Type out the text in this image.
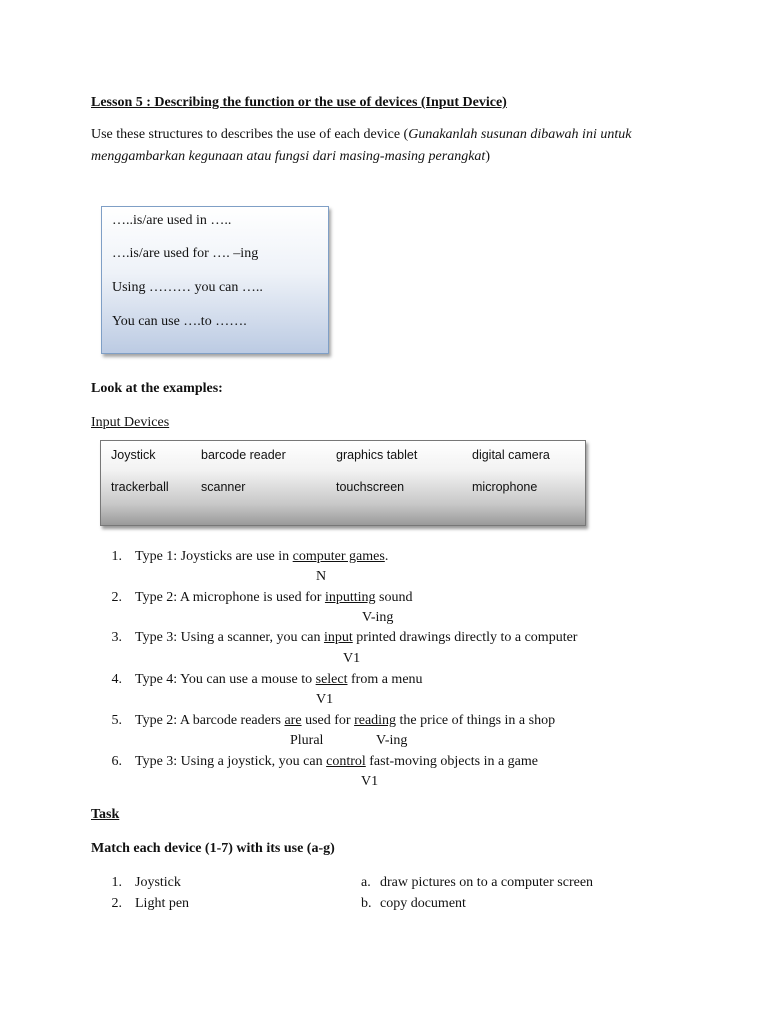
Lesson 5 : Describing the function or the use of devices (Input Device)
Use these structures to describes the use of each device (Gunakanlah susunan dibawah ini untuk
menggambarkan kegunaan atau fungsi dari masing-masing perangkat)
…..is/are used in …..
….is/are used for …. –ing
Using ……… you can …..
You can use ….to …….
Look at the examples:
Input Devices
Joystick	barcode reader	graphics tablet	digital camera
trackerball	scanner	touchscreen	microphone
1. Type 1: Joysticks are use in computer games.
N
2. Type 2: A microphone is used for inputting sound
V-ing
3. Type 3: Using a scanner, you can input printed drawings directly to a computer
V1
4. Type 4: You can use a mouse to select from a menu
V1
5. Type 2: A barcode readers are used for reading the price of things in a shop
Plural	V-ing
6. Type 3: Using a joystick, you can control fast-moving objects in a game
V1
Task
Match each device (1-7) with its use (a-g)
1. Joystick	a. draw pictures on to a computer screen
2. Light pen	b. copy document
